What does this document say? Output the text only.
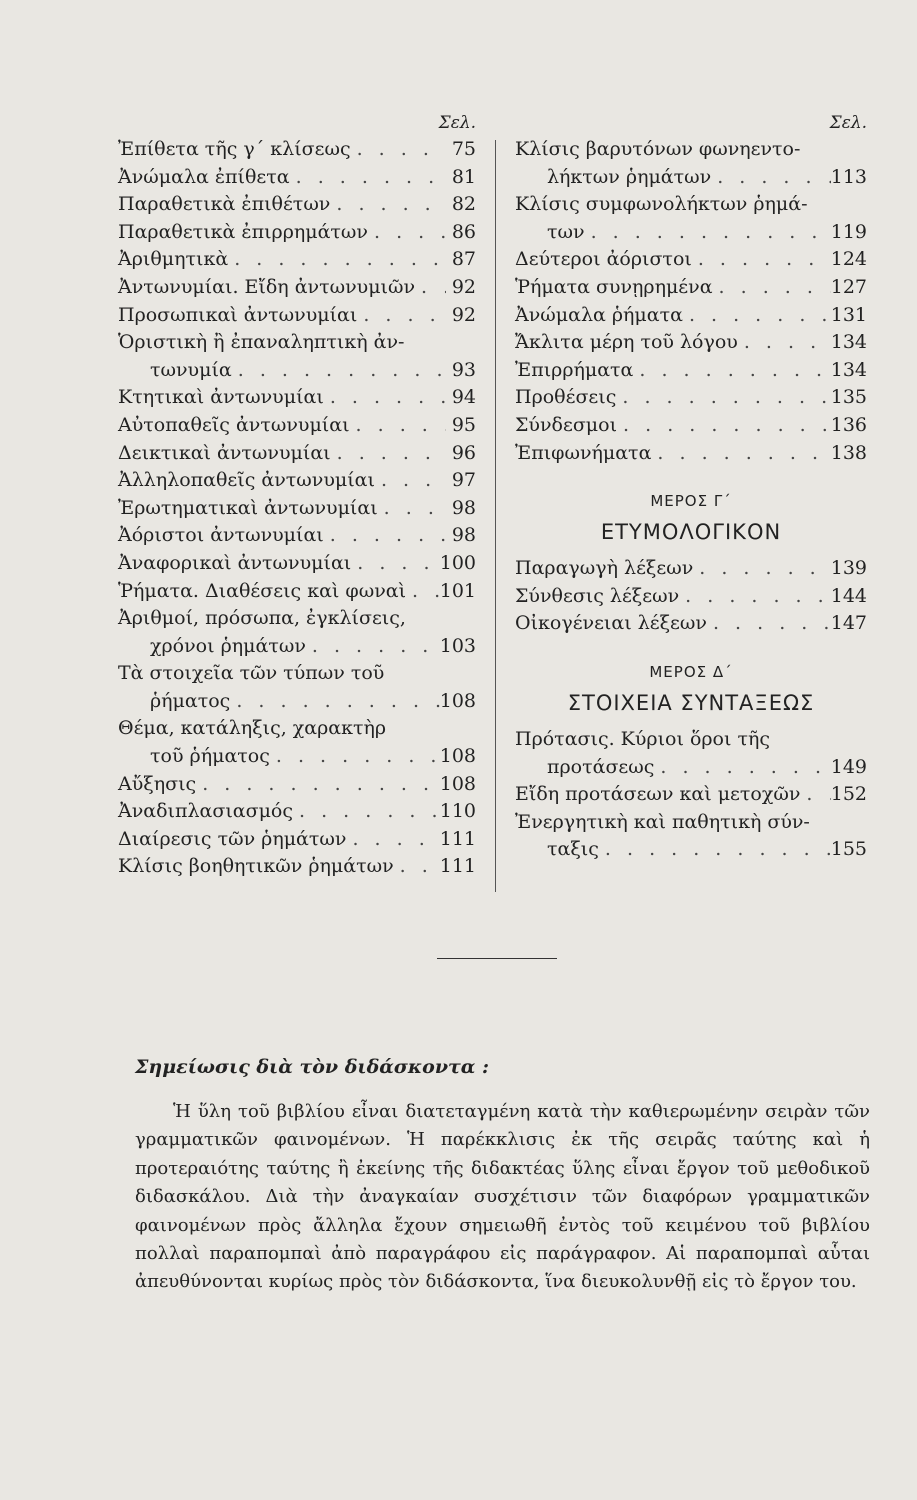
Σελ.
Ἐπίθετα τῆς γ΄ κλίσεως . . .	75
Ἀνώμαλα ἐπίθετα . . .	81
Παραθετικὰ ἐπιθέτων . . .	82
Παραθετικὰ ἐπιρρημάτων . . .	86
Ἀριθμητικὰ . . .	87
Ἀντωνυμίαι. Εἴδη ἀντωνυμιῶν . . .	92
Προσωπικαὶ ἀντωνυμίαι . . .	92
Ὁριστικὴ ἢ ἐπαναληπτικὴ ἀν-
τωνυμία . . .	93
Κτητικαὶ ἀντωνυμίαι . . .	94
Αὐτοπαθεῖς ἀντωνυμίαι . . .	95
Δεικτικαὶ ἀντωνυμίαι . . .	96
Ἀλληλοπαθεῖς ἀντωνυμίαι . . .	97
Ἐρωτηματικαὶ ἀντωνυμίαι . . .	98
Ἀόριστοι ἀντωνυμίαι . . .	98
Ἀναφορικαὶ ἀντωνυμίαι . . .	100
Ῥήματα. Διαθέσεις καὶ φωναὶ . . . 101
Ἀριθμοί, πρόσωπα, ἐγκλίσεις,
χρόνοι ῥημάτων . . .	103
Τὰ στοιχεῖα τῶν τύπων τοῦ
ῥήματος . . .	108
Θέμα, κατάληξις, χαρακτὴρ
τοῦ ῥήματος . . .	108
Αὔξησις . . .	108
Ἀναδιπλασιασμός . . .	110
Διαίρεσις τῶν ῥημάτων . . .	111
Κλίσις βοηθητικῶν ῥημάτων . . . 111
Σελ.
Κλίσις βαρυτόνων φωνηεντο-
λήκτων ῥημάτων . . .	113
Κλίσις συμφωνολήκτων ῥημά-
των . . .	119
Δεύτεροι ἀόριστοι . . .	124
Ῥήματα συνῃρημένα . . .	127
Ἀνώμαλα ῥήματα . . .	131
Ἄκλιτα μέρη τοῦ λόγου . . .	134
Ἐπιρρήματα . . .	134
Προθέσεις . . .	135
Σύνδεσμοι . . .	136
Ἐπιφωνήματα . . .	138
ΜΕΡΟΣ Γ΄
ΕΤΥΜΟΛΟΓΙΚΟΝ
Παραγωγὴ λέξεων . . .	139
Σύνθεσις λέξεων . . .	144
Οἰκογένειαι λέξεων . . .	147
ΜΕΡΟΣ Δ΄
ΣΤΟΙΧΕΙΑ ΣΥΝΤΑΞΕΩΣ
Πρότασις. Κύριοι ὅροι τῆς
προτάσεως . . .	149
Εἴδη προτάσεων καὶ μετοχῶν . . . 152
Ἐνεργητικὴ καὶ παθητικὴ σύν-
ταξις . . .	155
Σημείωσις διὰ τὸν διδάσκοντα :

Ἡ ὕλη τοῦ βιβλίου εἶναι διατεταγμένη κατὰ τὴν καθιερωμένην σειρὰν τῶν γραμματικῶν φαινομένων. Ἡ παρέκκλισις ἐκ τῆς σειρᾶς ταύτης καὶ ἡ προτεραιότης ταύτης ἢ ἐκείνης τῆς διδακτέας ὕλης εἶναι ἔργον τοῦ μεθοδικοῦ διδασκάλου. Διὰ τὴν ἀναγκαίαν συσχέτισιν τῶν διαφόρων γραμματικῶν φαινομένων πρὸς ἄλληλα ἔχουν σημειωθῆ ἐντὸς τοῦ κειμένου τοῦ βιβλίου πολλαὶ παραπομπαὶ ἀπὸ παραγράφου εἰς παράγραφον. Αἱ παραπομπαὶ αὗται ἀπευθύνονται κυρίως πρὸς τὸν διδάσκοντα, ἵνα διευκολυνθῇ εἰς τὸ ἔργον του.
